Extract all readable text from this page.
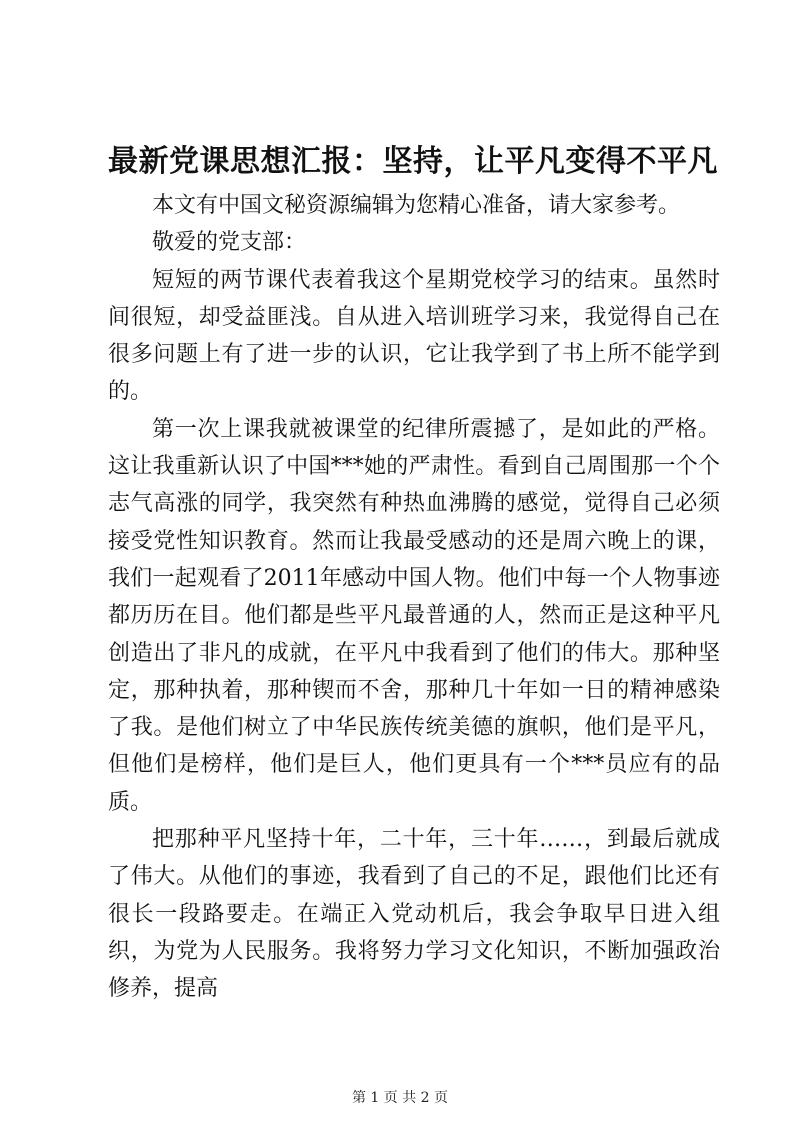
最新党课思想汇报：坚持，让平凡变得不平凡

本文有中国文秘资源编辑为您精心准备，请大家参考。

敬爱的党支部：

短短的两节课代表着我这个星期党校学习的结束。虽然时间很短，却受益匪浅。自从进入培训班学习来，我觉得自己在很多问题上有了进一步的认识，它让我学到了书上所不能学到的。

第一次上课我就被课堂的纪律所震撼了，是如此的严格。这让我重新认识了中国***她的严肃性。看到自己周围那一个个志气高涨的同学，我突然有种热血沸腾的感觉，觉得自己必须接受党性知识教育。然而让我最受感动的还是周六晚上的课，我们一起观看了2011年感动中国人物。他们中每一个人物事迹都历历在目。他们都是些平凡最普通的人，然而正是这种平凡创造出了非凡的成就，在平凡中我看到了他们的伟大。那种坚定，那种执着，那种锲而不舍，那种几十年如一日的精神感染了我。是他们树立了中华民族传统美德的旗帜，他们是平凡，但他们是榜样，他们是巨人，他们更具有一个***员应有的品质。

把那种平凡坚持十年，二十年，三十年……，到最后就成了伟大。从他们的事迹，我看到了自己的不足，跟他们比还有很长一段路要走。在端正入党动机后，我会争取早日进入组织，为党为人民服务。我将努力学习文化知识，不断加强政治修养，提高

第 1 页 共 2 页
